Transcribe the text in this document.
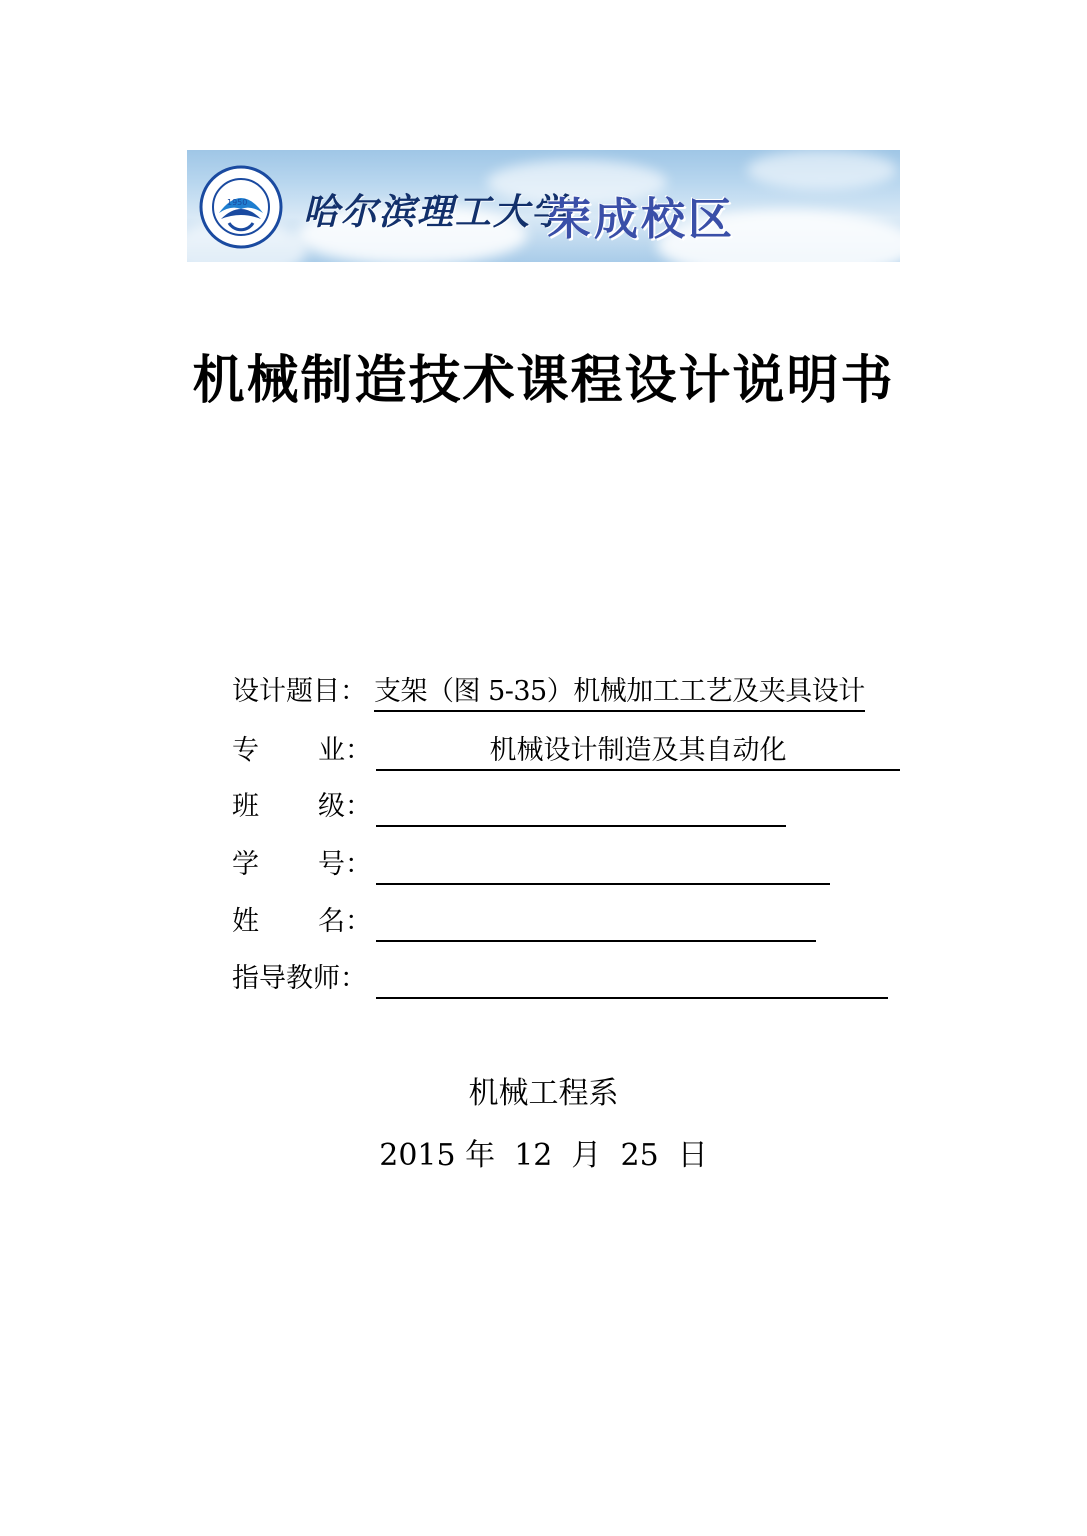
1950 哈尔滨理工大学
荣成校区
机械制造技术课程设计说明书
设计题目： 支架（图 5-35）机械加工工艺及夹具设计
专 业：	机械设计制造及其自动化
班 级：
学 号：
姓 名：
指导教师：
机械工程系
2015 年  12  月  25  日
